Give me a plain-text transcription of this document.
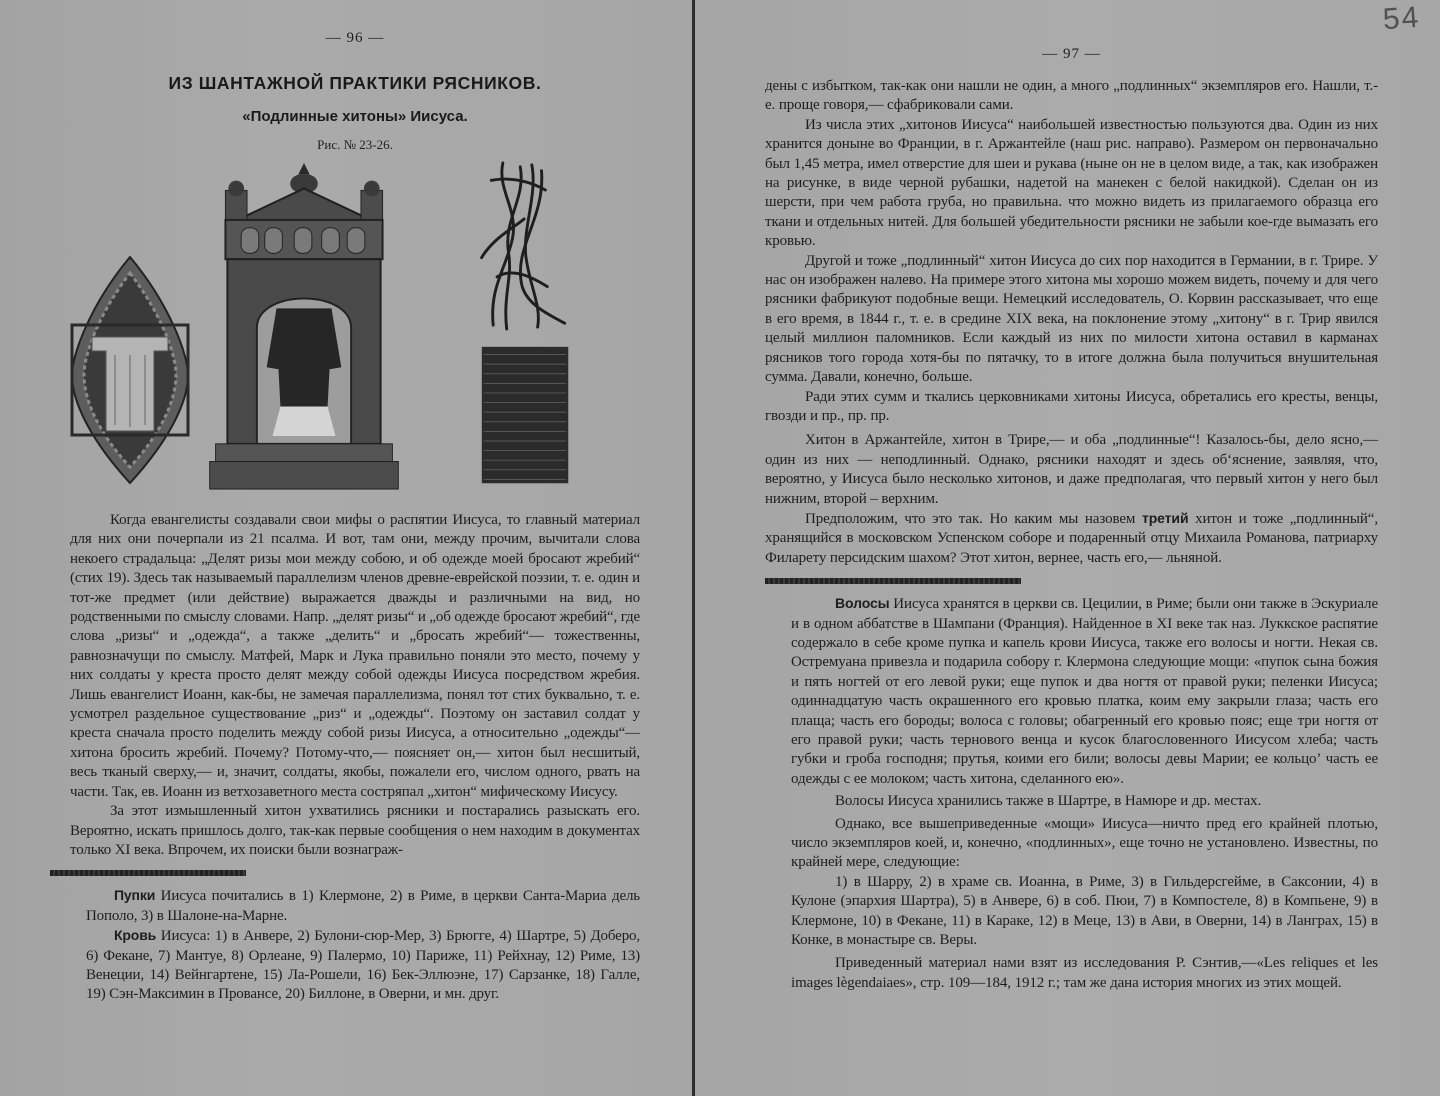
— 96 —
ИЗ ШАНТАЖНОЙ ПРАКТИКИ РЯСНИКОВ.
«Подлинные хитоны» Иисуса.
Рис. № 23-26.

Когда евангелисты создавали свои мифы о распятии Иисуса, то главный материал для них они почерпали из 21 псалма. И вот, там они, между прочим, вычитали слова некоего страдальца: „Делят ризы мои между собою, и об одежде моей бросают жребий“ (стих 19). Здесь так называемый параллелизм членов древне-еврейской поэзии, т. е. один и тот-же предмет (или действие) выражается дважды и различными на вид, но родственными по смыслу словами. Напр. „делят ризы“ и „об одежде бросают жребий“, где слова „ризы“ и „одежда“, а также „делить“ и „бросать жребий“— тожественны, равнозначущи по смыслу. Матфей, Марк и Лука правильно поняли это место, почему у них солдаты у креста просто делят между собой одежды Иисуса посредством жребия. Лишь евангелист Иоанн, как-бы, не замечая параллелизма, понял тот стих буквально, т. е. усмотрел раздельное существование „риз“ и „одежды“. Поэтому он заставил солдат у креста сначала просто поделить между собой ризы Иисуса, а относительно „одежды“— хитона бросить жребий. Почему? Потому-что,— поясняет он,— хитон был несшитый, весь тканый сверху,— и, значит, солдаты, якобы, пожалели его, числом одного, рвать на части. Так, ев. Иоанн из ветхозаветного места состряпал „хитон“ мифическому Иисусу.

За этот измышленный хитон ухватились рясники и постарались разыскать его. Вероятно, искать пришлось долго, так-как первые сообщения о нем находим в документах только XI века. Впрочем, их поиски были вознаграж-

Пупки Иисуса почитались в 1) Клермоне, 2) в Риме, в церкви Санта-Мариа дель Пополо, 3) в Шалоне-на-Марне.

Кровь Иисуса: 1) в Анвере, 2) Булони-сюр-Мер, 3) Брюгге, 4) Шартре, 5) Доберо, 6) Фекане, 7) Мантуе, 8) Орлеане, 9) Палермо, 10) Париже, 11) Рейхнау, 12) Риме, 13) Венеции, 14) Вейнгартене, 15) Ла-Рошели, 16) Бек-Эллюэне, 17) Сарзанке, 18) Галле, 19) Сэн-Максимин в Провансе, 20) Биллоне, в Оверни, и мн. друг.

— 97 —
54

дены с избытком, так-как они нашли не один, а много „подлинных“ экземпляров его. Нашли, т.-е. проще говоря,— сфабриковали сами.

Из числа этих „хитонов Иисуса“ наибольшей известностью пользуются два. Один из них хранится доныне во Франции, в г. Аржантейле (наш рис. направо). Размером он первоначально был 1,45 метра, имел отверстие для шеи и рукава (ныне он не в целом виде, а так, как изображен на рисунке, в виде черной рубашки, надетой на манекен с белой накидкой). Сделан он из шерсти, при чем работа груба, но правильна. что можно видеть из прилагаемого образца его ткани и отдельных нитей. Для большей убедительности рясники не забыли кое-где вымазать его кровью.

Другой и тоже „подлинный“ хитон Иисуса до сих пор находится в Германии, в г. Трире. У нас он изображен налево. На примере этого хитона мы хорошо можем видеть, почему и для чего рясники фабрикуют подобные вещи. Немецкий исследователь, О. Корвин рассказывает, что еще в его время, в 1844 г., т. е. в средине XIX века, на поклонение этому „хитону“ в г. Трир явился целый миллион паломников. Если каждый из них по милости хитона оставил в карманах рясников того города хотя-бы по пятачку, то в итоге должна была получиться внушительная сумма. Давали, конечно, больше.

Ради этих сумм и ткались церковниками хитоны Иисуса, обретались его кресты, венцы, гвозди и пр., пр. пр.

Хитон в Аржантейле, хитон в Трире,— и оба „подлинные“! Казалось-бы, дело ясно,— один из них — неподлинный. Однако, рясники находят и здесь об‘яснение, заявляя, что, вероятно, у Иисуса было несколько хитонов, и даже предполагая, что первый хитон у него был нижним, второй – верхним.

Предположим, что это так. Но каким мы назовем третий хитон и тоже „подлинный“, хранящийся в московском Успенском соборе и подаренный отцу Михаила Романова, патриарху Филарету персидским шахом? Этот хитон, вернее, часть его,— льняной.

Волосы Иисуса хранятся в церкви св. Цецилии, в Риме; были они также в Эскуриале и в одном аббатстве в Шампани (Франция). Найденное в XI веке так наз. Луккское распятие содержало в себе кроме пупка и капель крови Иисуса, также его волосы и ногти. Некая св. Остремуана привезла и подарила собору г. Клермона следующие мощи: «пупок сына божия и пять ногтей от его левой руки; еще пупок и два ногтя от правой руки; пеленки Иисуса; одиннадцатую часть окрашенного его кровью платка, коим ему закрыли глаза; часть его плаща; часть его бороды; волоса с головы; обагренный его кровью пояс; еще три ногтя от его правой руки; часть тернового венца и кусок благословенного Иисусом хлеба; часть губки и гроба господня; прутья, коими его били; волосы девы Марии; ее кольцо’ часть ее одежды с ее молоком; часть хитона, сделанного ею».

Волосы Иисуса хранились также в Шартре, в Намюре и др. местах.

Однако, все вышеприведенные «мощи» Иисуса—ничто пред его крайней плотью, число экземпляров коей, и, конечно, «подлинных», еще точно не установлено. Известны, по крайней мере, следующие:

1) в Шарру, 2) в храме св. Иоанна, в Риме, 3) в Гильдерсгейме, в Саксонии, 4) в Кулоне (эпархия Шартра), 5) в Анвере, 6) в соб. Пюи, 7) в Компостеле, 8) в Компьене, 9) в Клермоне, 10) в Фекане, 11) в Караке, 12) в Меце, 13) в Ави, в Оверни, 14) в Ланграх, 15) в Конке, в монастыре св. Веры.

Приведенный материал нами взят из исследования Р. Сэнтив,—«Les reliques et les images lègendaiaes», стр. 109—184, 1912 г.; там же дана история многих из этих мощей.
